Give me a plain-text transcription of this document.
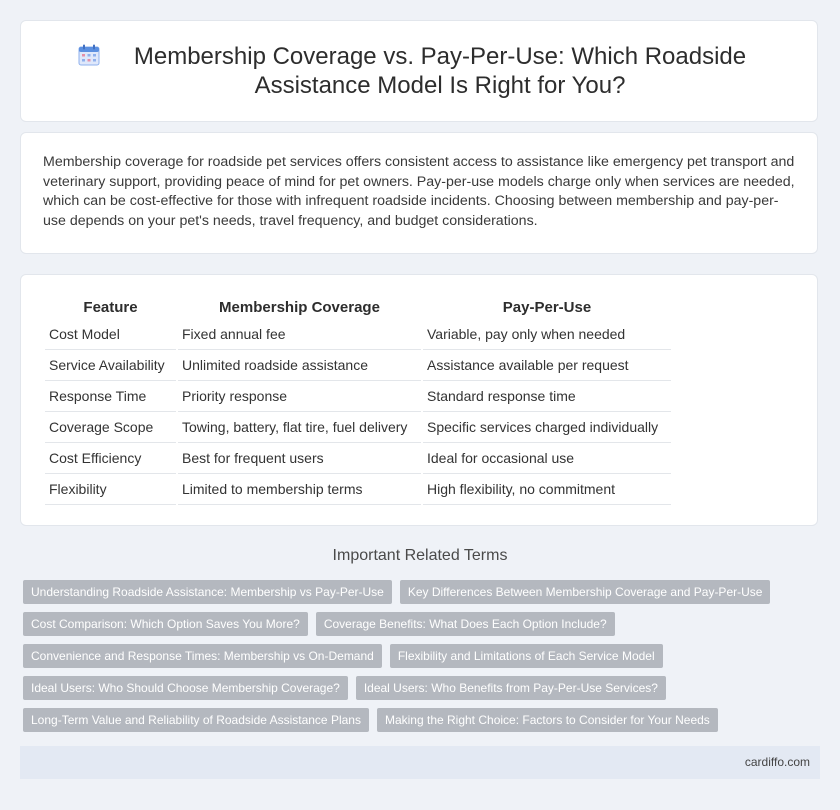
Membership Coverage vs. Pay-Per-Use: Which Roadside Assistance Model Is Right for You?

Membership coverage for roadside pet services offers consistent access to assistance like emergency pet transport and veterinary support, providing peace of mind for pet owners. Pay-per-use models charge only when services are needed, which can be cost-effective for those with infrequent roadside incidents. Choosing between membership and pay-per-use depends on your pet's needs, travel frequency, and budget considerations.

Feature	Membership Coverage	Pay-Per-Use
Cost Model	Fixed annual fee	Variable, pay only when needed
Service Availability	Unlimited roadside assistance	Assistance available per request
Response Time	Priority response	Standard response time
Coverage Scope	Towing, battery, flat tire, fuel delivery	Specific services charged individually
Cost Efficiency	Best for frequent users	Ideal for occasional use
Flexibility	Limited to membership terms	High flexibility, no commitment
Important Related Terms
Understanding Roadside Assistance: Membership vs Pay-Per-Use	Key Differences Between Membership Coverage and Pay-Per-Use
Cost Comparison: Which Option Saves You More?	Coverage Benefits: What Does Each Option Include?
Convenience and Response Times: Membership vs On-Demand	Flexibility and Limitations of Each Service Model
Ideal Users: Who Should Choose Membership Coverage?	Ideal Users: Who Benefits from Pay-Per-Use Services?
Long-Term Value and Reliability of Roadside Assistance Plans	Making the Right Choice: Factors to Consider for Your Needs
cardiffo.com
